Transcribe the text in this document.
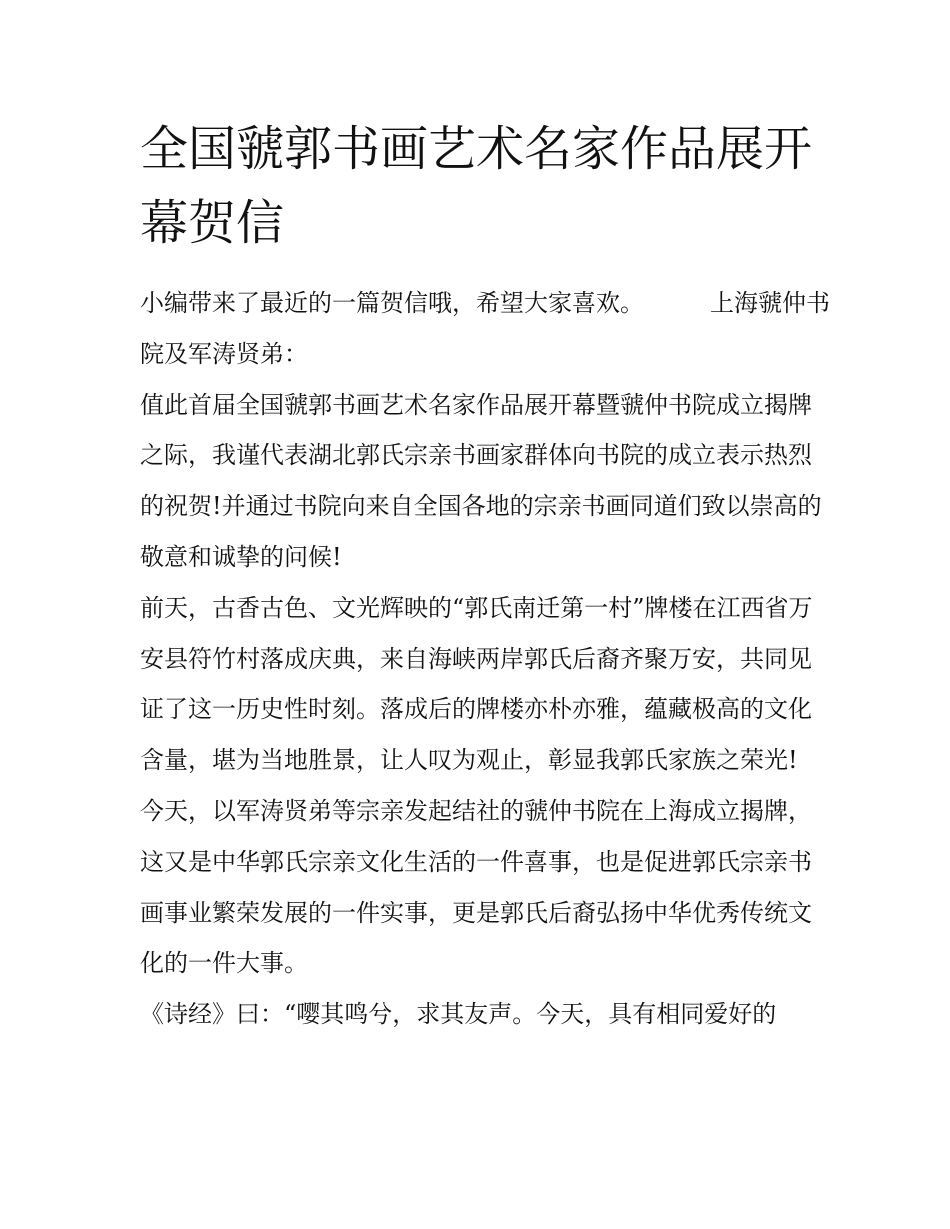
全国虢郭书画艺术名家作品展开幕贺信

小编带来了最近的一篇贺信哦，希望大家喜欢。	上海虢仲书院及军涛贤弟：

值此首届全国虢郭书画艺术名家作品展开幕暨虢仲书院成立揭牌之际，我谨代表湖北郭氏宗亲书画家群体向书院的成立表示热烈的祝贺!并通过书院向来自全国各地的宗亲书画同道们致以崇高的敬意和诚挚的问候!

前天，古香古色、文光辉映的“郭氏南迁第一村”牌楼在江西省万安县符竹村落成庆典，来自海峡两岸郭氏后裔齐聚万安，共同见证了这一历史性时刻。落成后的牌楼亦朴亦雅，蕴藏极高的文化含量，堪为当地胜景，让人叹为观止，彰显我郭氏家族之荣光!

今天，以军涛贤弟等宗亲发起结社的虢仲书院在上海成立揭牌，这又是中华郭氏宗亲文化生活的一件喜事，也是促进郭氏宗亲书画事业繁荣发展的一件实事，更是郭氏后裔弘扬中华优秀传统文化的一件大事。

《诗经》曰：“嘤其鸣兮，求其友声。今天，具有相同爱好的
